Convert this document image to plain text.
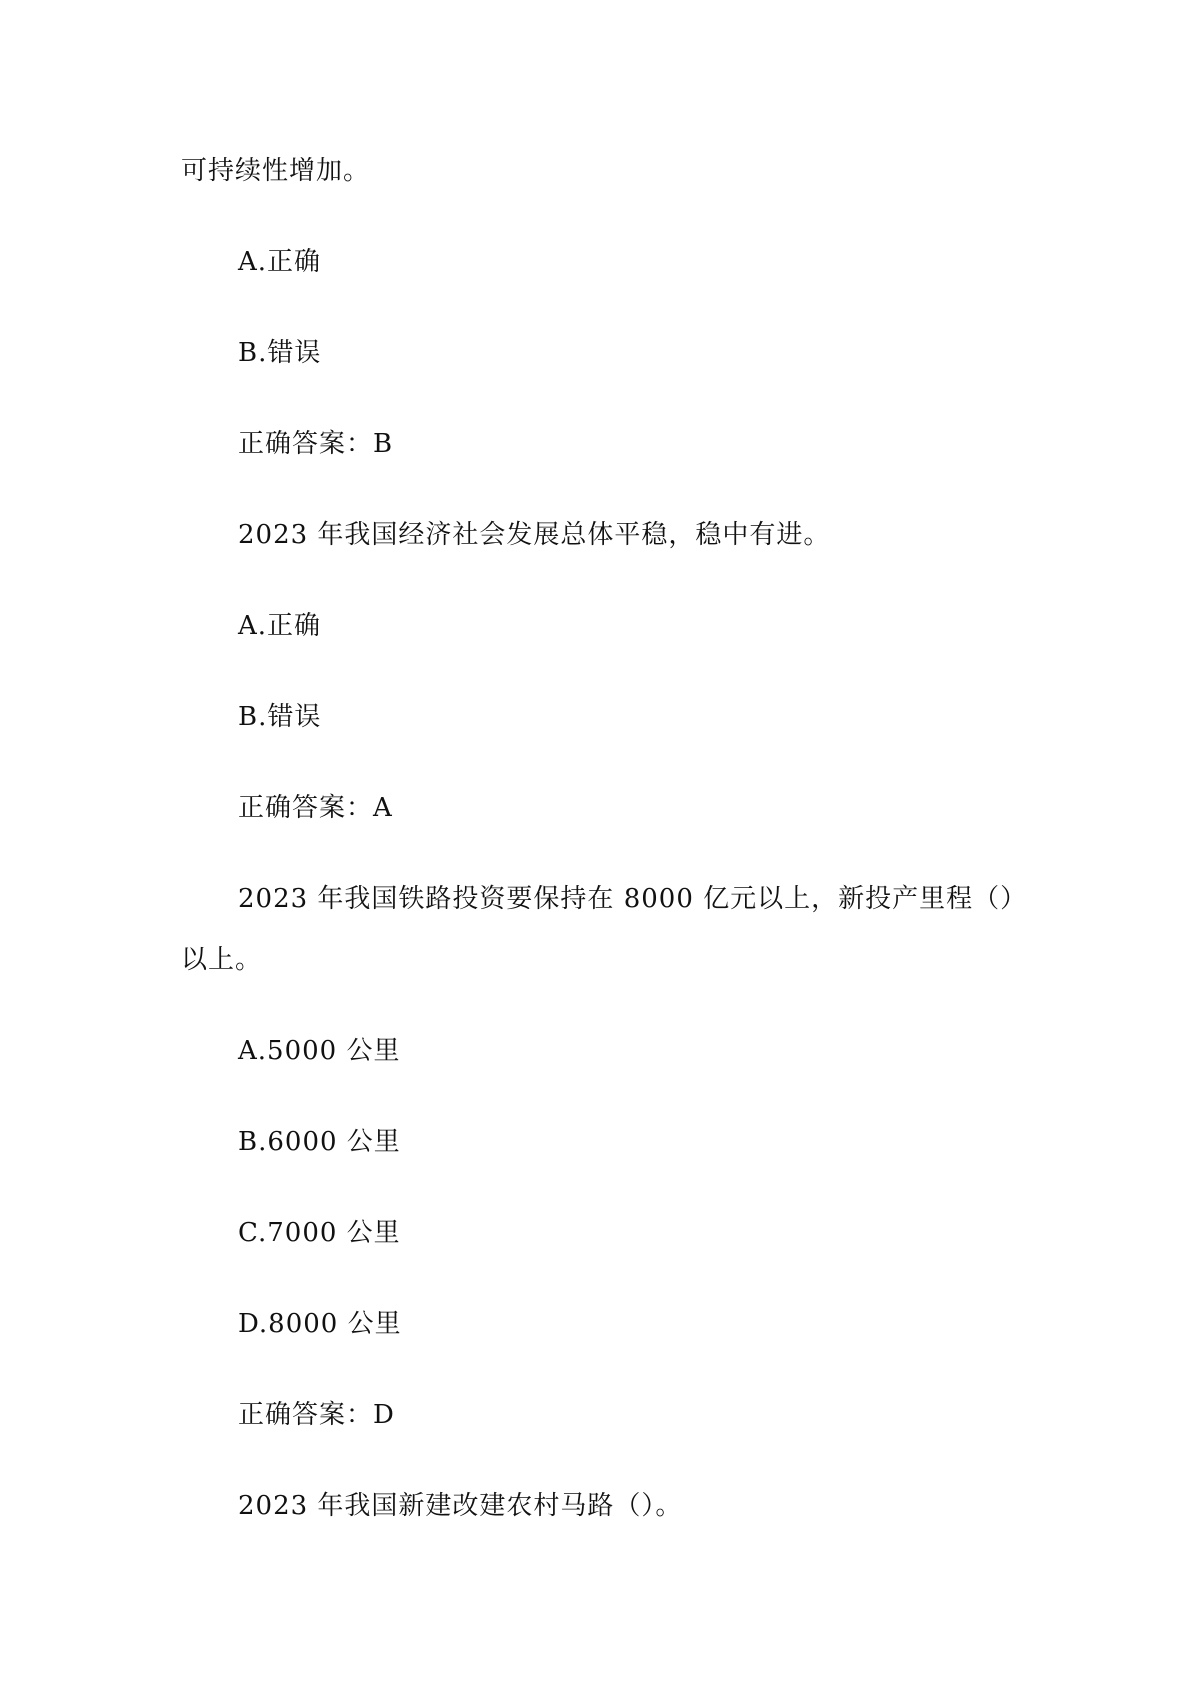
可持续性增加。
A.正确
B.错误
正确答案：B
2023 年我国经济社会发展总体平稳，稳中有进。
A.正确
B.错误
正确答案：A
2023 年我国铁路投资要保持在 8000 亿元以上，新投产里程（）
以上。
A.5000 公里
B.6000 公里
C.7000 公里
D.8000 公里
正确答案：D
2023 年我国新建改建农村马路（）。
